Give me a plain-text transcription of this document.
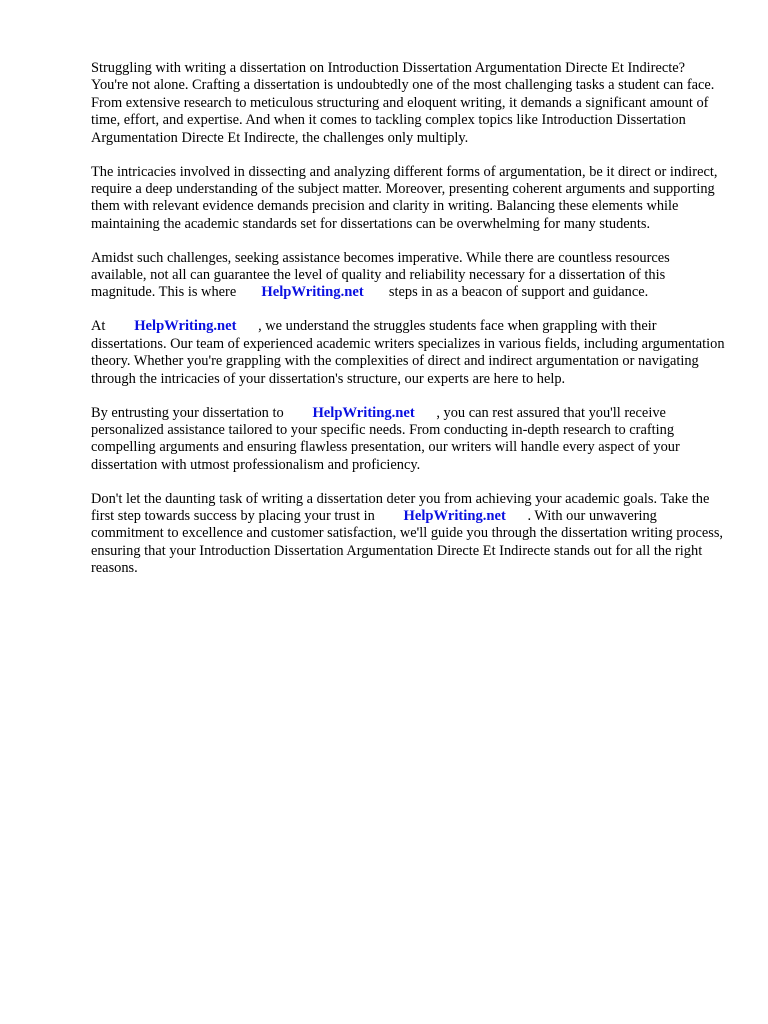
Struggling with writing a dissertation on Introduction Dissertation Argumentation Directe Et Indirecte? You're not alone. Crafting a dissertation is undoubtedly one of the most challenging tasks a student can face. From extensive research to meticulous structuring and eloquent writing, it demands a significant amount of time, effort, and expertise. And when it comes to tackling complex topics like Introduction Dissertation Argumentation Directe Et Indirecte, the challenges only multiply.

The intricacies involved in dissecting and analyzing different forms of argumentation, be it direct or indirect, require a deep understanding of the subject matter. Moreover, presenting coherent arguments and supporting them with relevant evidence demands precision and clarity in writing. Balancing these elements while maintaining the academic standards set for dissertations can be overwhelming for many students.

Amidst such challenges, seeking assistance becomes imperative. While there are countless resources available, not all can guarantee the level of quality and reliability necessary for a dissertation of this magnitude. This is where HelpWriting.net steps in as a beacon of support and guidance.

At HelpWriting.net , we understand the struggles students face when grappling with their dissertations. Our team of experienced academic writers specializes in various fields, including argumentation theory. Whether you're grappling with the complexities of direct and indirect argumentation or navigating through the intricacies of your dissertation's structure, our experts are here to help.

By entrusting your dissertation to HelpWriting.net , you can rest assured that you'll receive personalized assistance tailored to your specific needs. From conducting in-depth research to crafting compelling arguments and ensuring flawless presentation, our writers will handle every aspect of your dissertation with utmost professionalism and proficiency.

Don't let the daunting task of writing a dissertation deter you from achieving your academic goals. Take the first step towards success by placing your trust in HelpWriting.net . With our unwavering commitment to excellence and customer satisfaction, we'll guide you through the dissertation writing process, ensuring that your Introduction Dissertation Argumentation Directe Et Indirecte stands out for all the right reasons.
